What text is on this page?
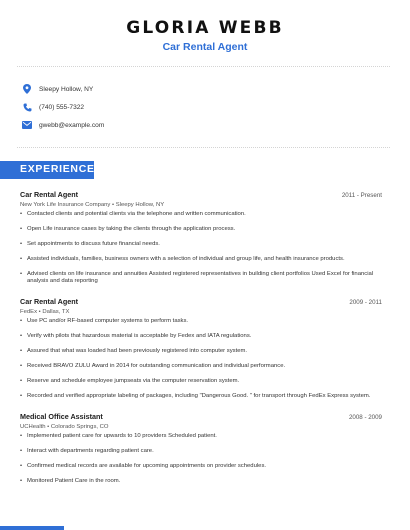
GLORIA WEBB
Car Rental Agent
Sleepy Hollow, NY
(740) 555-7322
gwebb@example.com
EXPERIENCE
Car Rental Agent	2011 - Present
New York Life Insurance Company • Sleepy Hollow, NY
• Contacted clients and potential clients via the telephone and written communication.
• Open Life insurance cases by taking the clients through the application process.
• Set appointments to discuss future financial needs.
• Assisted individuals, families, business owners with a selection of individual and group life, and health insurance products.
• Advised clients on life insurance and annuities Assisted registered representatives in building client portfolios Used Excel for financial analysis and data reporting
Car Rental Agent	2009 - 2011
FedEx • Dallas, TX
• Use PC and/or RF-based computer systems to perform tasks.
• Verify with pilots that hazardous material is acceptable by Fedex and IATA regulations.
• Assured that what was loaded had been previously registered into computer system.
• Received BRAVO ZULU Award in 2014 for outstanding communication and individual performance.
• Reserve and schedule employee jumpseats via the computer reservation system.
• Recorded and verified appropriate labeling of packages, including "Dangerous Good. " for transport through FedEx Express system.
Medical Office Assistant	2008 - 2009
UCHealth • Colorado Springs, CO
• Implemented patient care for upwards to 10 providers Scheduled patient.
• Interact with departments regarding patient care.
• Confirmed medical records are available for upcoming appointments on provider schedules.
• Monitored Patient Care in the room.
